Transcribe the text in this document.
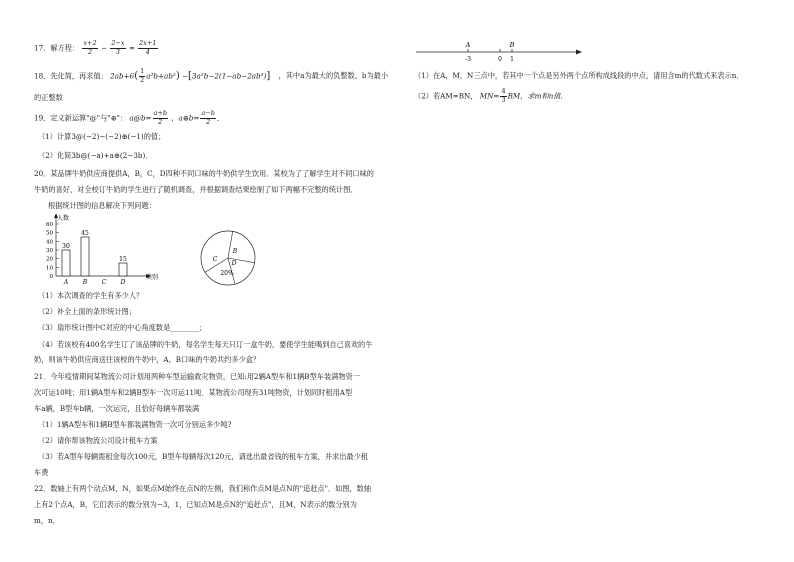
17．解方程： $\frac{x+2}{2} - \frac{2-x}{3} = \frac{2x+1}{4}$
18．先化简，再求值： $2ab+6( \frac{1}{2} a^2b+ab^2) -[3a^2b-2(1-ab-2ab^2)]$ ，其中a为最大的负整数，b为最小
的正整数
19．定义新运算"@"与"⊕"： a@b= $\frac{a+b}{2}$ ，a⊕b= $\frac{a-b}{2}$ ．
（1）计算3@(−2)−(−2)⊕(−1)的值；
（2）化简3b@(−a)+a⊕(2−3b)．
20．某品牌牛奶供应商提供A，B，C，D四种不同口味的牛奶供学生饮用．某校为了了解学生对不同口味的
牛奶的喜好，对全校订牛奶的学生进行了随机调查，并根据调查结果绘制了如下两幅不完整的统计图．
根据统计图的信息解决下列问题：
0
10
20
30
40
50
60
人数
类别
30
A
45
B C
15
D
B
C
D
20%
（1）本次调查的学生有多少人？
（2）补全上面的条形统计图；
（3）扇形统计图中C对应的中心角度数是________；
（4）若该校有400名学生订了该品牌的牛奶，每名学生每天只订一盒牛奶，要使学生能喝到自己喜欢的牛
奶，则该牛奶供应商送往该校的牛奶中，A，B口味的牛奶共约多少盒？
21．今年疫情期间某物流公司计划用两种车型运输救灾物资，已知:用2辆A型车和1辆B型车装满物资一
次可运10吨；用1辆A型车和2辆B型车一次可运11吨．某物流公司现有31吨物资，计划同时租用A型
车a辆，B型车b辆，一次运完，且恰好每辆车都装满
（1）1辆A型车和1辆B型车都装满物资一次可分别运多少吨?
（2）请你帮该物流公司设计租车方案
（3）若A型车每辆需租金每次100元，B型车每辆每次120元，请选出最省钱的租车方案，并求出最少租
车费
22．数轴上有两个动点M，N，如果点M始终在点N的左侧，我们称作点M是点N的"追赶点"．如图，数轴
上有2个点A，B，它们表示的数分别为−3，1，已知点M是点N的"追赶点"，且M，N表示的数分别为
m，n．
A	B
-3	0 1
（1）在A，M，N三点中，若其中一个点是另外两个点所构成线段的中点，请用含m的代数式来表示n．
（2）若AM=BN， $MN= \frac{4}{3}$ BM，求m和n值．
